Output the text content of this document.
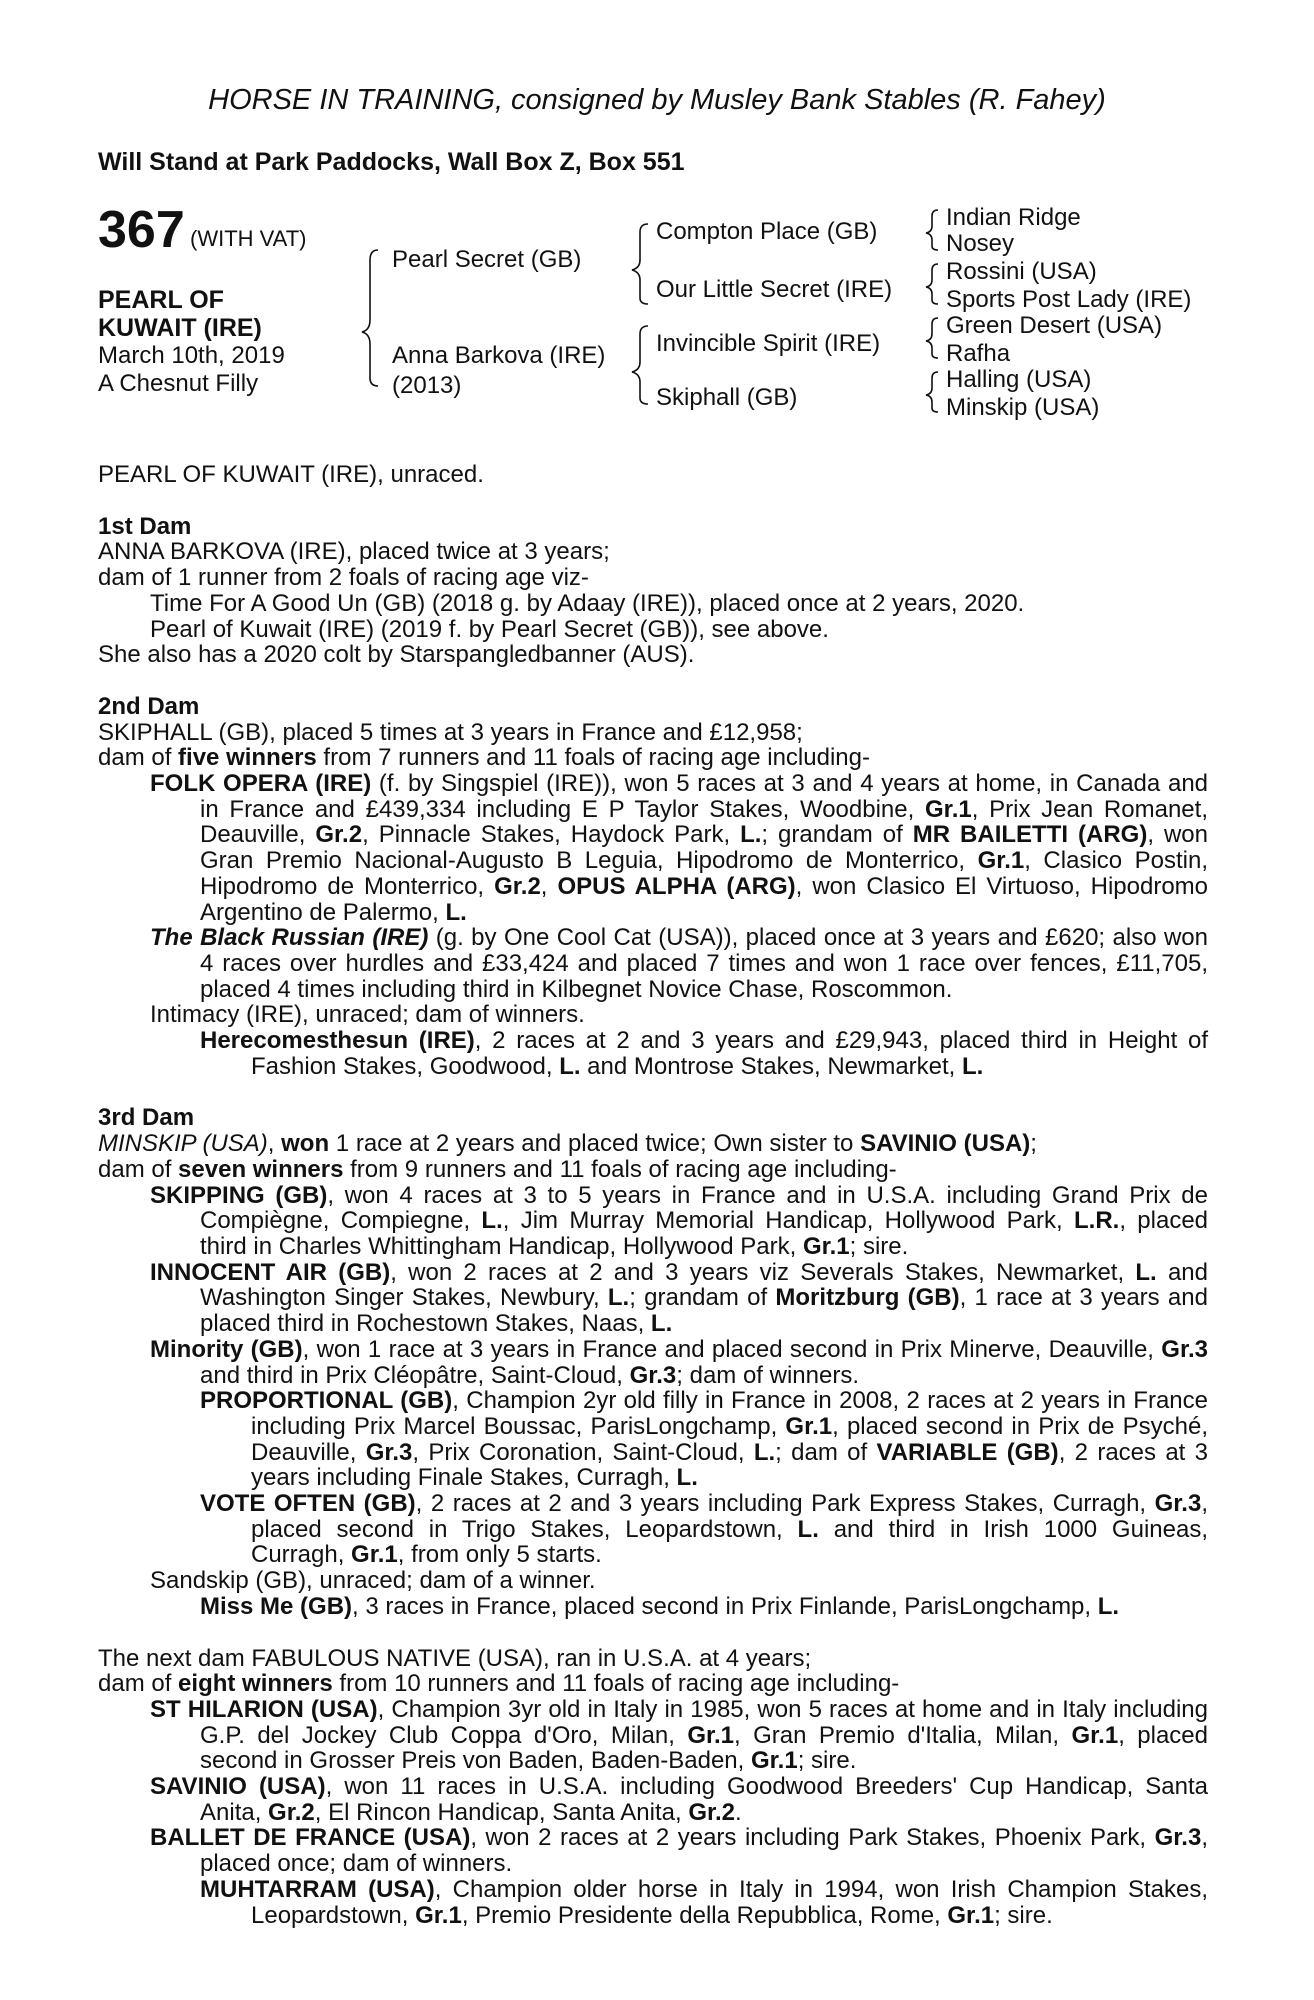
HORSE IN TRAINING, consigned by Musley Bank Stables (R. Fahey)
Will Stand at Park Paddocks, Wall Box Z, Box 551
367 (WITH VAT)
PEARL OF
KUWAIT (IRE)
March 10th, 2019
A Chesnut Filly
Pearl Secret (GB)
Anna Barkova (IRE)
(2013)
Compton Place (GB)
Our Little Secret (IRE)
Invincible Spirit (IRE)
Skiphall (GB)
Indian Ridge
Nosey
Rossini (USA)
Sports Post Lady (IRE)
Green Desert (USA)
Rafha
Halling (USA)
Minskip (USA)

PEARL OF KUWAIT (IRE), unraced.

1st Dam

ANNA BARKOVA (IRE), placed twice at 3 years;

dam of 1 runner from 2 foals of racing age viz-

Time For A Good Un (GB) (2018 g. by Adaay (IRE)), placed once at 2 years, 2020.

Pearl of Kuwait (IRE) (2019 f. by Pearl Secret (GB)), see above.

She also has a 2020 colt by Starspangledbanner (AUS).

2nd Dam

SKIPHALL (GB), placed 5 times at 3 years in France and £12,958;

dam of five winners from 7 runners and 11 foals of racing age including-

FOLK OPERA (IRE) (f. by Singspiel (IRE)), won 5 races at 3 and 4 years at home, in Canada and in France and £439,334 including E P Taylor Stakes, Woodbine, Gr.1, Prix Jean Romanet, Deauville, Gr.2, Pinnacle Stakes, Haydock Park, L.; grandam of MR BAILETTI (ARG), won Gran Premio Nacional-Augusto B Leguia, Hipodromo de Monterrico, Gr.1, Clasico Postin, Hipodromo de Monterrico, Gr.2, OPUS ALPHA (ARG), won Clasico El Virtuoso, Hipodromo Argentino de Palermo, L.

The Black Russian (IRE) (g. by One Cool Cat (USA)), placed once at 3 years and £620; also won 4 races over hurdles and £33,424 and placed 7 times and won 1 race over fences, £11,705, placed 4 times including third in Kilbegnet Novice Chase, Roscommon.

Intimacy (IRE), unraced; dam of winners.

Herecomesthesun (IRE), 2 races at 2 and 3 years and £29,943, placed third in Height of Fashion Stakes, Goodwood, L. and Montrose Stakes, Newmarket, L.

3rd Dam

MINSKIP (USA), won 1 race at 2 years and placed twice; Own sister to SAVINIO (USA);

dam of seven winners from 9 runners and 11 foals of racing age including-

SKIPPING (GB), won 4 races at 3 to 5 years in France and in U.S.A. including Grand Prix de Compiègne, Compiegne, L., Jim Murray Memorial Handicap, Hollywood Park, L.R., placed third in Charles Whittingham Handicap, Hollywood Park, Gr.1; sire.

INNOCENT AIR (GB), won 2 races at 2 and 3 years viz Severals Stakes, Newmarket, L. and Washington Singer Stakes, Newbury, L.; grandam of Moritzburg (GB), 1 race at 3 years and placed third in Rochestown Stakes, Naas, L.

Minority (GB), won 1 race at 3 years in France and placed second in Prix Minerve, Deauville, Gr.3 and third in Prix Cléopâtre, Saint-Cloud, Gr.3; dam of winners.

PROPORTIONAL (GB), Champion 2yr old filly in France in 2008, 2 races at 2 years in France including Prix Marcel Boussac, ParisLongchamp, Gr.1, placed second in Prix de Psyché, Deauville, Gr.3, Prix Coronation, Saint-Cloud, L.; dam of VARIABLE (GB), 2 races at 3 years including Finale Stakes, Curragh, L.

VOTE OFTEN (GB), 2 races at 2 and 3 years including Park Express Stakes, Curragh, Gr.3, placed second in Trigo Stakes, Leopardstown, L. and third in Irish 1000 Guineas, Curragh, Gr.1, from only 5 starts.

Sandskip (GB), unraced; dam of a winner.

Miss Me (GB), 3 races in France, placed second in Prix Finlande, ParisLongchamp, L.

The next dam FABULOUS NATIVE (USA), ran in U.S.A. at 4 years;

dam of eight winners from 10 runners and 11 foals of racing age including-

ST HILARION (USA), Champion 3yr old in Italy in 1985, won 5 races at home and in Italy including G.P. del Jockey Club Coppa d'Oro, Milan, Gr.1, Gran Premio d'Italia, Milan, Gr.1, placed second in Grosser Preis von Baden, Baden-Baden, Gr.1; sire.

SAVINIO (USA), won 11 races in U.S.A. including Goodwood Breeders' Cup Handicap, Santa Anita, Gr.2, El Rincon Handicap, Santa Anita, Gr.2.

BALLET DE FRANCE (USA), won 2 races at 2 years including Park Stakes, Phoenix Park, Gr.3, placed once; dam of winners.

MUHTARRAM (USA), Champion older horse in Italy in 1994, won Irish Champion Stakes, Leopardstown, Gr.1, Premio Presidente della Repubblica, Rome, Gr.1; sire.
